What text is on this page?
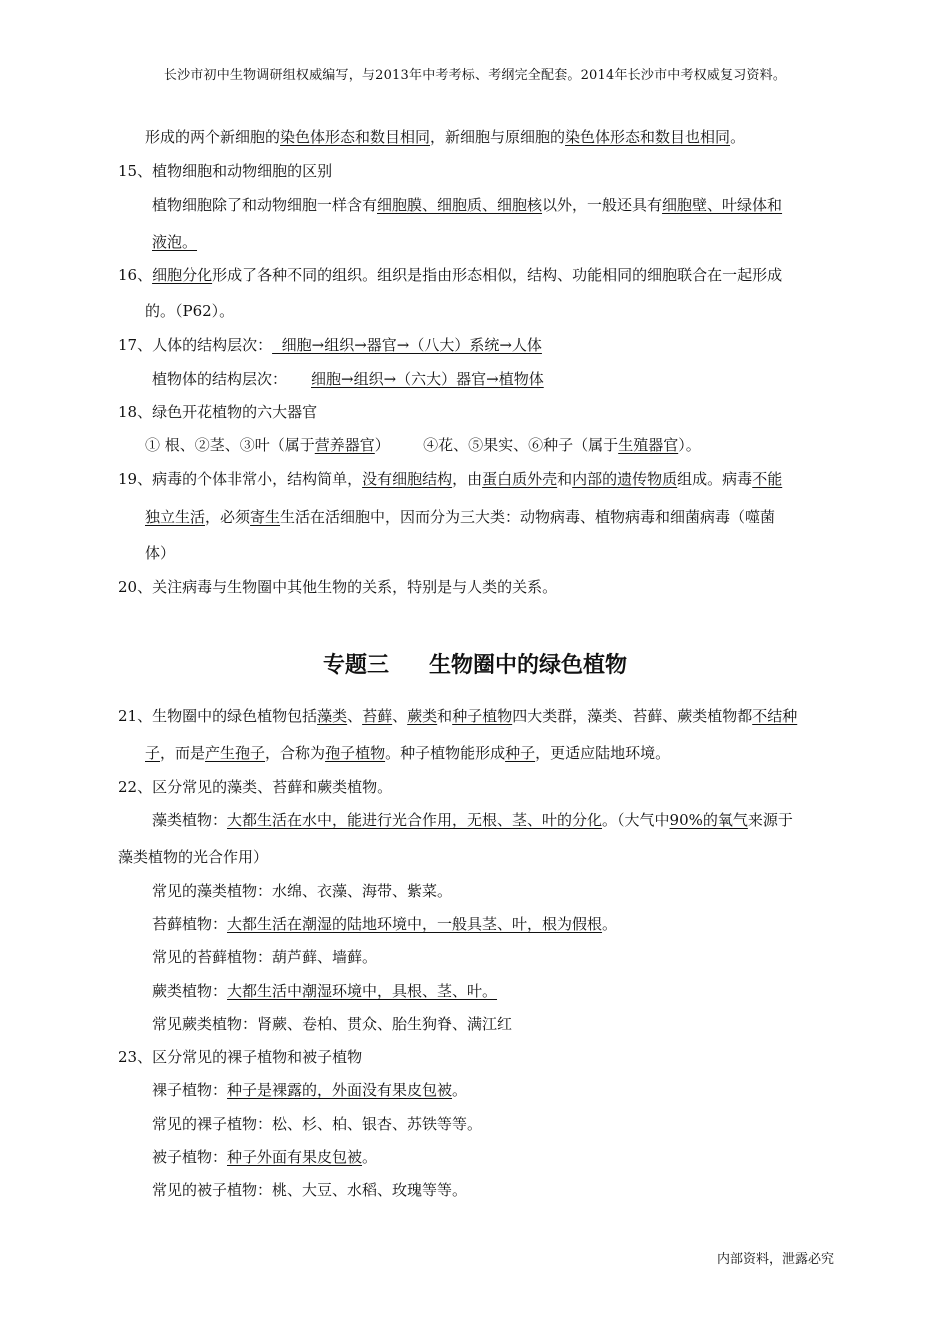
长沙市初中生物调研组权威编写，与2013年中考考标、考纲完全配套。2014年长沙市中考权威复习资料。
形成的两个新细胞的染色体形态和数目相同，新细胞与原细胞的染色体形态和数目也相同。
15、植物细胞和动物细胞的区别
植物细胞除了和动物细胞一样含有细胞膜、细胞质、细胞核以外，一般还具有细胞壁、叶绿体和
液泡。
16、细胞分化形成了各种不同的组织。组织是指由形态相似，结构、功能相同的细胞联合在一起形成
的。（P62）。
17、人体的结构层次：  细胞→组织→器官→（八大）系统→人体
植物体的结构层次： 细胞→组织→（六大）器官→植物体
18、绿色开花植物的六大器官
① 根、②茎、③叶（属于营养器官）       ④花、⑤果实、⑥种子（属于生殖器官）。
19、病毒的个体非常小，结构简单，没有细胞结构，由蛋白质外壳和内部的遗传物质组成。病毒不能
独立生活，必须寄生生活在活细胞中，因而分为三大类：动物病毒、植物病毒和细菌病毒（噬菌
体）
20、关注病毒与生物圈中其他生物的关系，特别是与人类的关系。
专题三 生物圈中的绿色植物
21、生物圈中的绿色植物包括藻类、苔藓、蕨类和种子植物四大类群，藻类、苔藓、蕨类植物都不结种
子，而是产生孢子，合称为孢子植物。种子植物能形成种子，更适应陆地环境。
22、区分常见的藻类、苔藓和蕨类植物。
藻类植物：大都生活在水中，能进行光合作用，无根、茎、叶的分化。（大气中90%的氧气来源于
藻类植物的光合作用）
常见的藻类植物：水绵、衣藻、海带、紫菜。
苔藓植物：大都生活在潮湿的陆地环境中，一般具茎、叶，根为假根。
常见的苔藓植物：葫芦藓、墙藓。
蕨类植物：大都生活中潮湿环境中，具根、茎、叶。
常见蕨类植物：肾蕨、卷柏、贯众、胎生狗脊、满江红
23、区分常见的裸子植物和被子植物
裸子植物：种子是裸露的，外面没有果皮包被。
常见的裸子植物：松、杉、柏、银杏、苏铁等等。
被子植物：种子外面有果皮包被。
常见的被子植物：桃、大豆、水稻、玫瑰等等。
内部资料，泄露必究
